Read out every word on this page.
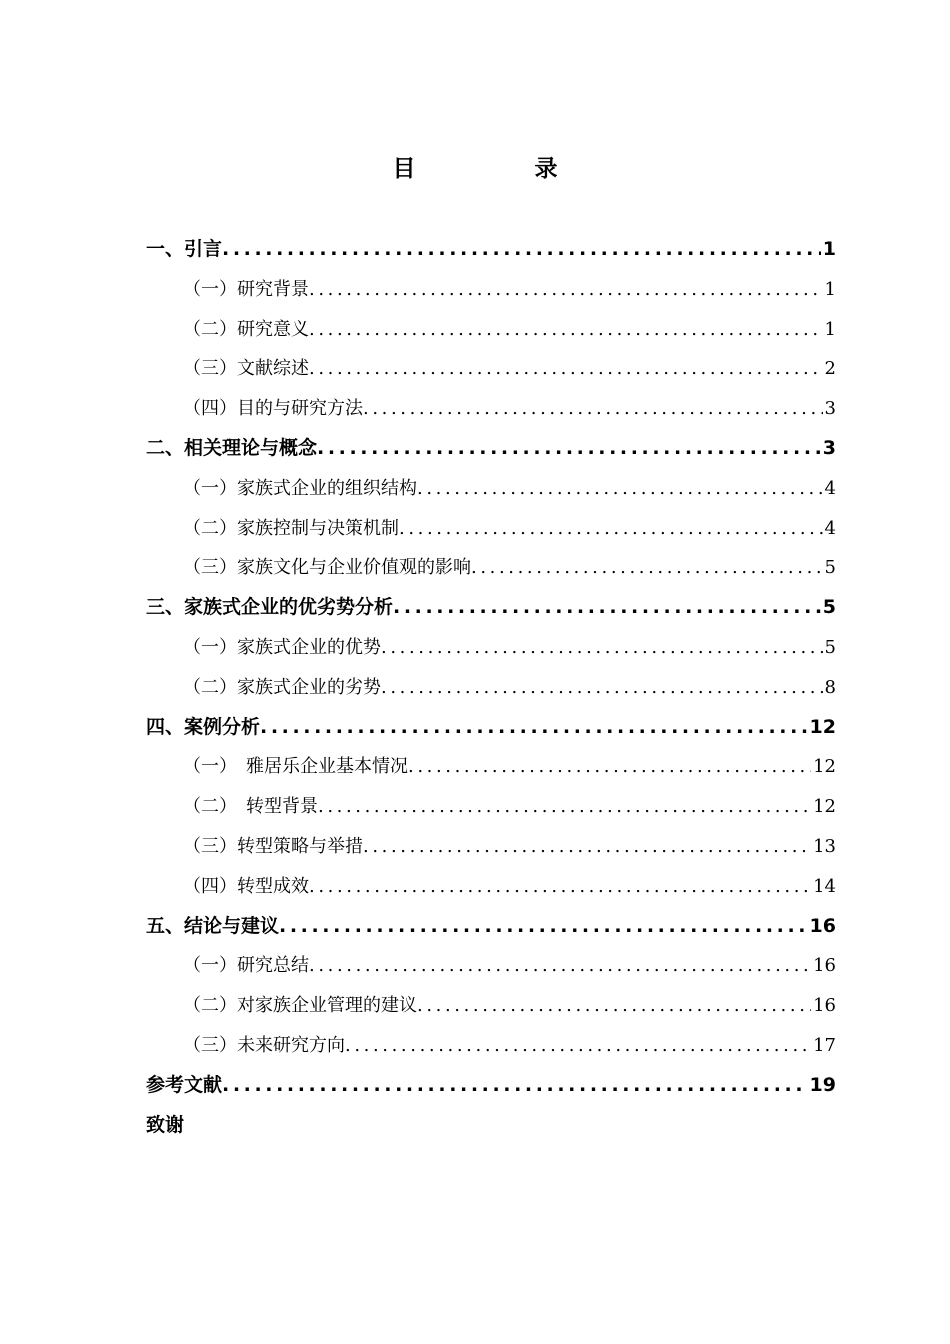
目　录
一、引言 .....	1
（一）研究背景 .....	1
（二）研究意义 .....	1
（三）文献综述 .....	2
（四）目的与研究方法 .....	3
二、相关理论与概念 .....	3
（一）家族式企业的组织结构 .....	4
（二）家族控制与决策机制 .....	4
（三）家族文化与企业价值观的影响 .....	5
三、家族式企业的优劣势分析 .....	5
（一）家族式企业的优势 .....	5
（二）家族式企业的劣势 .....	8
四、案例分析 .....	12
（一）　雅居乐企业基本情况 .....	12
（二）　转型背景 .....	12
（三）转型策略与举措 .....	13
（四）转型成效 .....	14
五、结论与建议 .....	16
（一）研究总结 .....	16
（二）对家族企业管理的建议 .....	16
（三）未来研究方向 .....	17
参考文献 .....	19
致谢
